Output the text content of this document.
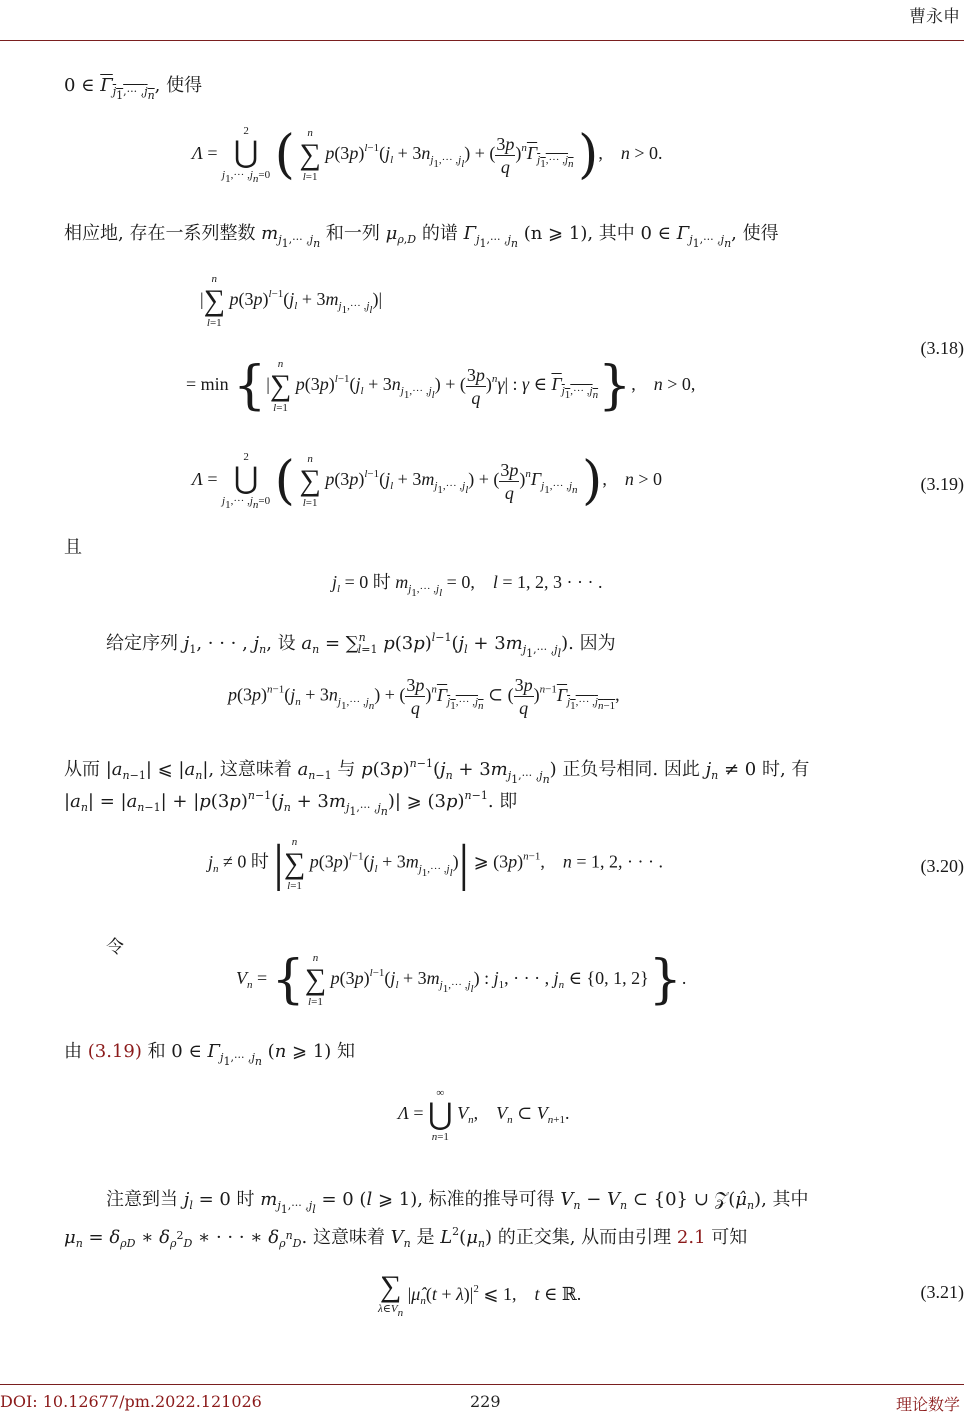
曹永申
0 ∈ $\Gamma_{j_1,\cdot\cdot\cdot ,j_n}$, 使得
Λ =
2
⋃
$j_1,\cdot\cdot\cdot ,j_n=0$ (	n
∑
l=1
$p(3p)^{l-1}(j_l + 3n_{j_1,\cdot\cdot\cdot ,j_l})$ + ( $\frac{3p}{q} )^n\Gamma_{j_1,\cdot\cdot\cdot ,j_n}$ ),    n > 0.
相应地, 存在一系列整数 $m_{j_1,\cdot\cdot\cdot ,j_n}$ 和一列 $\mu_{\rho,D}$ 的谱 $\Gamma_{j_1,\cdot\cdot\cdot ,j_n}$ (n ⩾ 1), 其中 0 ∈ $\Gamma_{j_1,\cdot\cdot\cdot ,j_n}$, 使得
|
n
∑
l=1
$p(3p)^{l-1}(j_l + 3m_{j_1,\cdot\cdot\cdot ,j_l})|$
(3.18)
= min {|
n
∑
l=1
$p(3p)^{l-1}(j_l + 3n_{j_1,\cdot\cdot\cdot ,j_l})$ + ( $\frac{3p}{q} )^n\gamma|$ : γ ∈ $\Gamma_{j_1,\cdot\cdot\cdot ,j_n}$},    n > 0,
Λ =
2
⋃
$j_1,\cdot\cdot\cdot ,j_n=0$ (	n
∑
l=1
$p(3p)^{l-1}(j_l + 3m_{j_1,\cdot\cdot\cdot ,j_l})$ + ( $\frac{3p}{q} )^n\Gamma_{j_1,\cdot\cdot\cdot ,j_n}$ ),    n > 0	(3.19)
且
$j_l = 0$ 时 $m_{j_1,\cdot\cdot\cdot ,j_l} = 0$,    l = 1, 2, 3 · · · .
给定序列 $j_1$, · · · , $j_n$, 设 $a_n = \sum^n_{l=1}$ $p(3p)^{l-1}(j_l + 3m_{j_1,\cdot\cdot\cdot ,j_l})$. 因为
$p(3p)^{n-1}(j_n + 3n_{j_1,\cdot\cdot\cdot ,j_n})$ + ( $\frac{3p}{q} )^n\Gamma_{j_1,\cdot\cdot\cdot ,j_n}$ ⊂ ( $\frac{3p}{q} )^{n-1}\Gamma_{j_1,\cdot\cdot\cdot ,j_{n-1}}$,
从而 $|a_{n-1}|$ ⩽ $|a_n|$, 这意味着 $a_{n-1}$ 与 $p(3p)^{n-1}(j_n + 3m_{j_1,\cdot\cdot\cdot ,j_n})$ 正负号相同. 因此 $j_n \ne 0$ 时, 有
$|a_n| = |a_{n-1}| + |p(3p)^{n-1}(j_n + 3m_{j_1,\cdot\cdot\cdot ,j_n})|$ ⩾ $(3p)^{n-1}$. 即
$j_n \ne 0$ 时 | n
∑
l=1
$p(3p)^{l-1}(j_l + 3m_{j_1,\cdot\cdot\cdot ,j_l})|$ ⩾ $(3p)^{n-1}$,    n = 1, 2, · · · .	(3.20)
令
$V_n$ = { n
∑
l=1
$p(3p)^{l-1}(j_l + 3m_{j_1,\cdot\cdot\cdot ,j_l})$ : $j_1$, · · · , $j_n$ ∈ {0, 1, 2}}.
由 (3.19) 和 0 ∈ $\Gamma_{j_1,\cdot\cdot\cdot ,j_n}$ (n ⩾ 1) 知
Λ =
∞
⋃
n=1
$V_n$,    $V_n$ ⊂ $V_{n+1}$.
注意到当 $j_l = 0$ 时 $m_{j_1,\cdot\cdot\cdot ,j_l} = 0$ (l ⩾ 1), 标准的推导可得 $V_n - V_n$ ⊂ {0} ∪ $𝒵(\mû_n)$, 其中
$\mu_n = \delta_{\rho D}$ ∗ $\delta_{\rho^2D}$ ∗ · · · ∗ $\delta_{\rho^nD}$. 这意味着 $V_n$ 是 $L^2(\mu_n)$ 的正交集, 从而由引理 2.1 可知
∑
$\lambda\in V_n$
$|\mû_n(t + \lambda)|^2$ ⩽ 1,    t ∈ ℝ.	(3.21)
DOI: 10.12677/pm.2022.121026	229	理论数学
